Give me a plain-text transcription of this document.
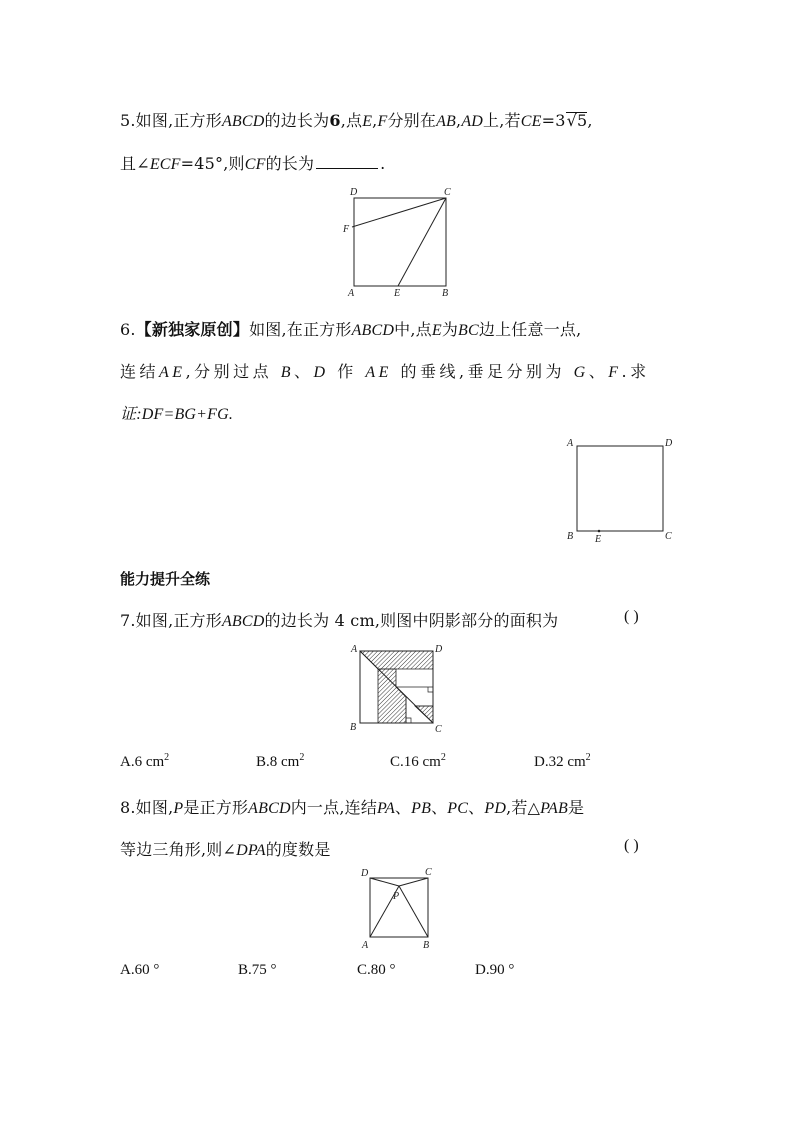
5.如图,正方形ABCD的边长为6,点E,F分别在AB,AD上,若CE=3√5,
且∠ECF=45°,则CF的长为	.
D	C
F
A	E	B
6.【新独家原创】如图,在正方形ABCD中,点E为BC边上任意一点,
连结AE,分别过点 B、D 作 AE 的垂线,垂足分别为 G、F.求
证:DF=BG+FG.
A	D
B E	C
能力提升全练
7.如图,正方形ABCD的边长为 4 cm,则图中阴影部分的面积为	( )
A	D
B	C
A.6 $cm^2$	B.8 $cm^2$	C.16 $cm^2$	D.32 $cm^2$
8.如图,P是正方形ABCD内一点,连结PA、PB、PC、PD,若△PAB是
等边三角形,则∠DPA的度数是	( )
D	C
P
A	B
A.60 °	B.75 °	C.80 °	D.90 °
